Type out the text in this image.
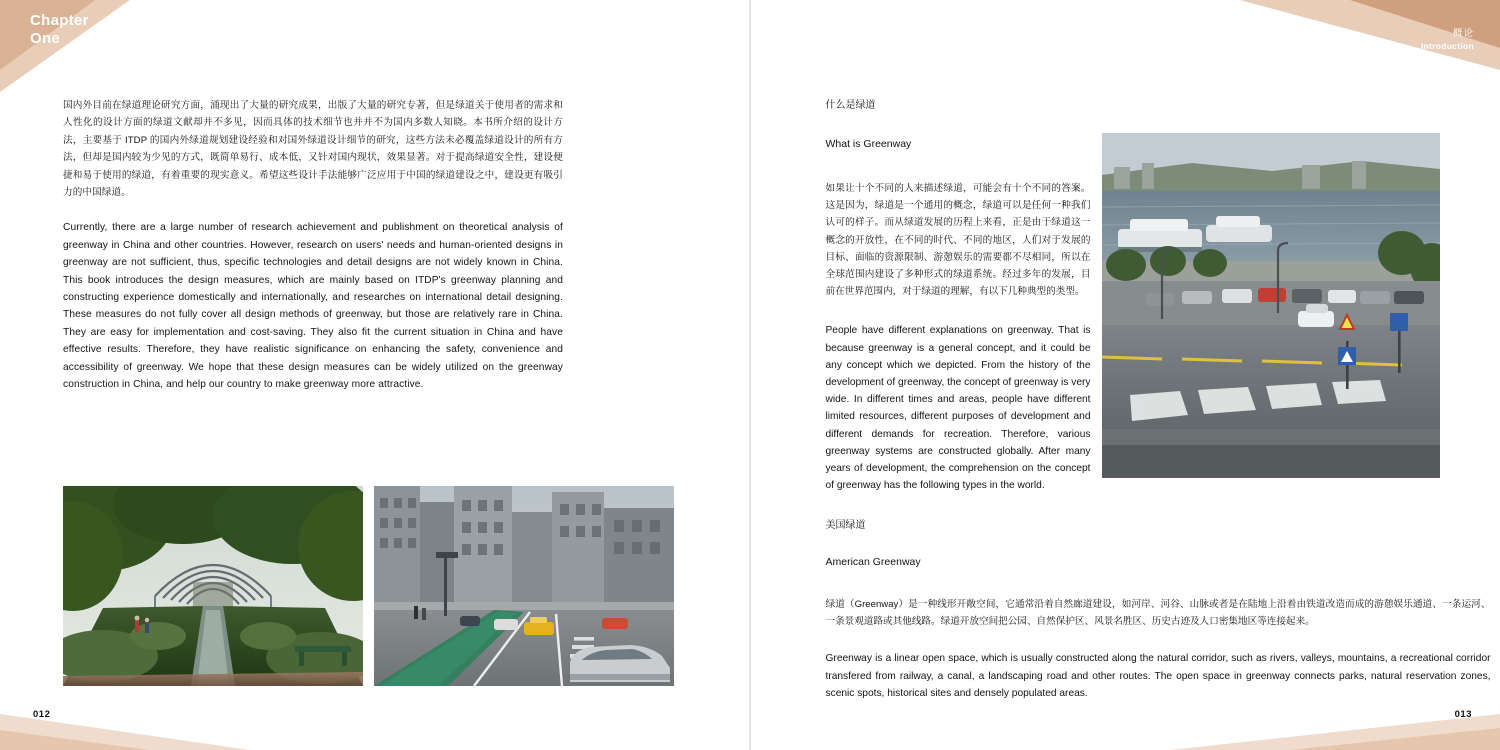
Chapter
One

国内外目前在绿道理论研究方面，涌现出了大量的研究成果，出版了大量的研究专著，但是绿道关于使用者的需求和人性化的设计方面的绿道文献却并不多见，因而具体的技术细节也并并不为国内多数人知晓。本书所介绍的设计方法，主要基于 ITDP 的国内外绿道规划建设经验和对国外绿道设计细节的研究，这些方法未必覆盖绿道设计的所有方法，但却是国内较为少见的方式，既简单易行、成本低，又针对国内现状，效果显著。对于提高绿道安全性，建设便捷和易于使用的绿道，有着重要的现实意义。希望这些设计手法能够广泛应用于中国的绿道建设之中，建设更有吸引力的中国绿道。

Currently, there are a large number of research achievement and publishment on theoretical analysis of greenway in China and other countries. However, research on users' needs and human-oriented designs in greenway are not sufficient, thus, specific technologies and detail designs are not widely known in China. This book introduces the design measures, which are mainly based on ITDP's greenway planning and constructing experience domestically and internationally, and researches on international detail designing. These measures do not fully cover all design methods of greenway, but those are relatively rare in China. They are easy for implementation and cost-saving. They also fit the current situation in China and have effective results. Therefore, they have realistic significance on enhancing the safety, convenience and accessibility of greenway. We hope that these design measures can be widely utilized on the greenway construction in China, and help our country to make greenway more attractive.

012
概论
Introduction
什么是绿道
What is Greenway

如果让十个不同的人来描述绿道，可能会有十个不同的答案。这是因为，绿道是一个通用的概念，绿道可以是任何一种我们认可的样子。而从绿道发展的历程上来看，正是由于绿道这一概念的开放性，在不同的时代、不同的地区，人们对于发展的目标、面临的资源限制、游憩娱乐的需要都不尽相同，所以在全球范围内建设了多种形式的绿道系统。经过多年的发展，目前在世界范围内，对于绿道的理解，有以下几种典型的类型。

People have different explanations on greenway. That is because greenway is a general concept, and it could be any concept which we depicted. From the history of the development of greenway, the concept of greenway is very wide. In different times and areas, people have different limited resources, different purposes of development and different demands for recreation. Therefore, various greenway systems are constructed globally. After many years of development, the comprehension on the concept of greenway has the following types in the world.

美国绿道
American Greenway

绿道（Greenway）是一种线形开敞空间，它通常沿着自然廊道建设，如河岸、河谷、山脉或者是在陆地上沿着由铁道改造而成的游憩娱乐通道、一条运河、一条景观道路或其他线路。绿道开放空间把公园、自然保护区、风景名胜区、历史古迹及人口密集地区等连接起来。

Greenway is a linear open space, which is usually constructed along the natural corridor, such as rivers, valleys, mountains, a recreational corridor transfered from railway, a canal, a landscaping road and other routes. The open space in greenway connects parks, natural reservation zones, scenic spots, historical sites and densely populated areas.

013
